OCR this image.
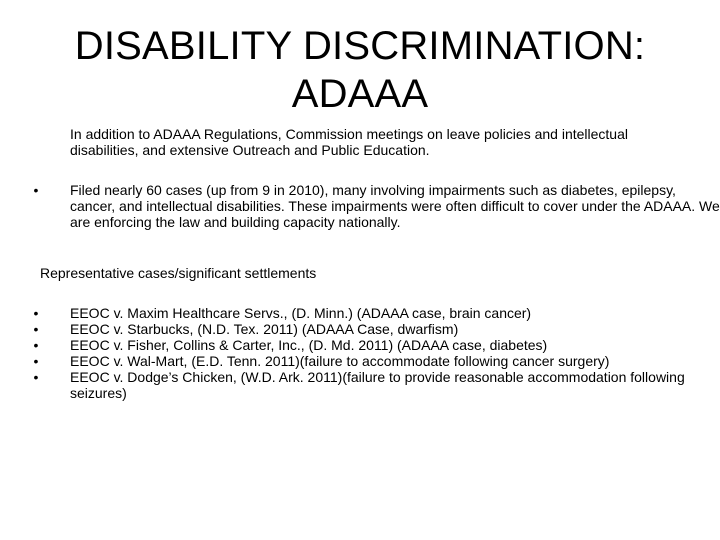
DISABILITY DISCRIMINATION:
ADAAA
In addition to ADAAA Regulations, Commission meetings on leave policies and intellectual disabilities, and extensive Outreach and Public Education.
• Filed nearly 60 cases (up from 9 in 2010), many involving impairments such as diabetes, epilepsy, cancer, and intellectual disabilities. These impairments were often difficult to cover under the ADAAA. We are enforcing the law and building capacity nationally.
Representative cases/significant settlements
• EEOC v. Maxim Healthcare Servs., (D. Minn.) (ADAAA case, brain cancer)
• EEOC v. Starbucks, (N.D. Tex. 2011) (ADAAA Case, dwarfism)
• EEOC v. Fisher, Collins & Carter, Inc., (D. Md. 2011) (ADAAA case, diabetes)
• EEOC v. Wal-Mart, (E.D. Tenn. 2011)(failure to accommodate following cancer surgery)
• EEOC v. Dodge’s Chicken, (W.D. Ark. 2011)(failure to provide reasonable accommodation following seizures)
